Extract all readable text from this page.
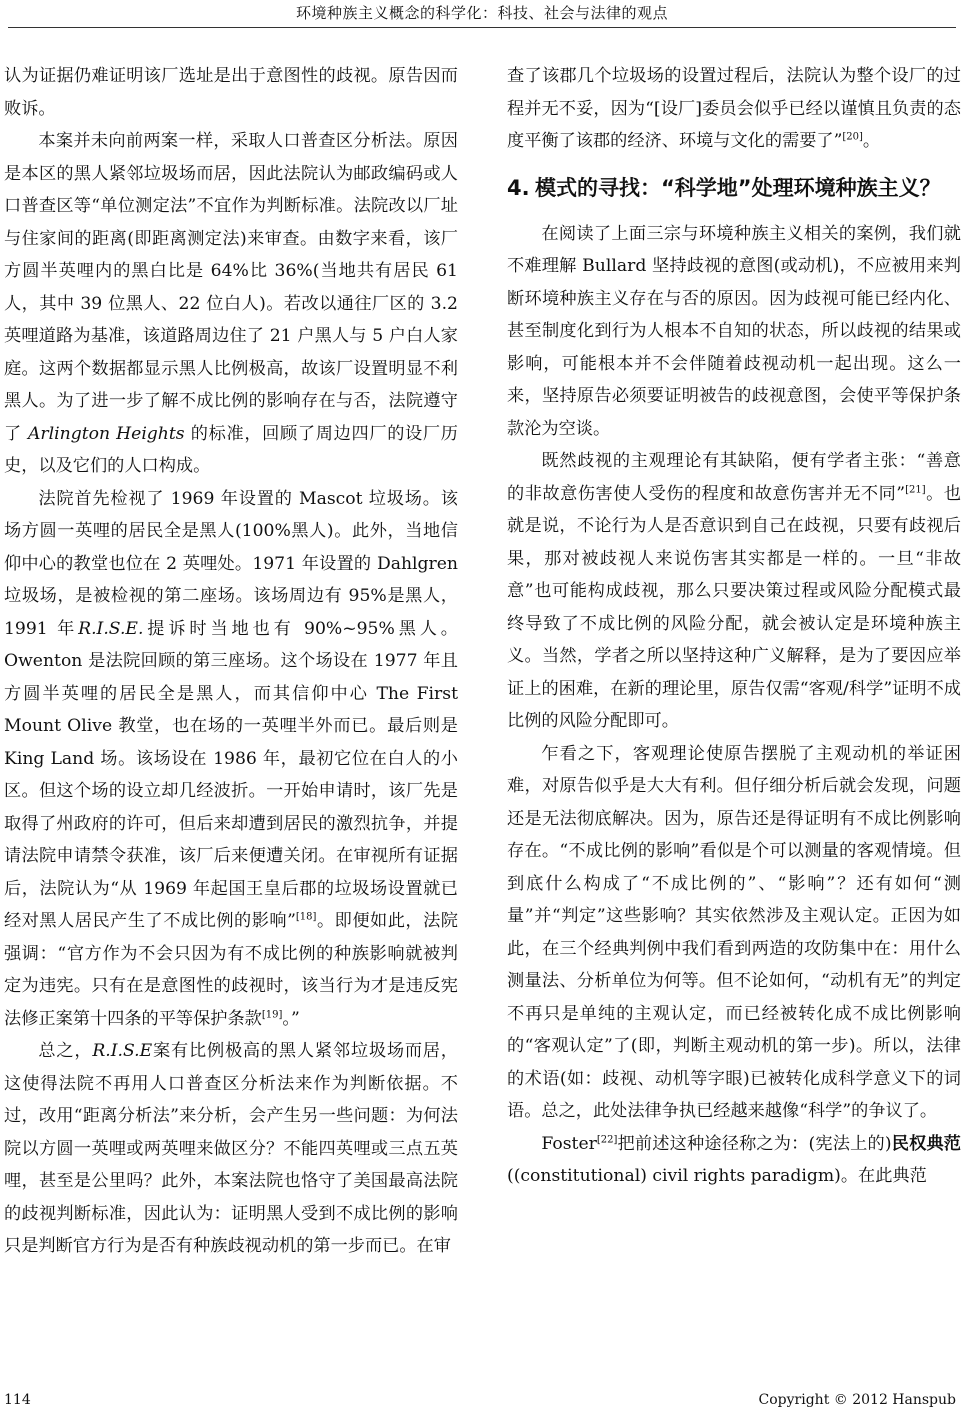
环境种族主义概念的科学化：科技、社会与法律的观点

认为证据仍难证明该厂选址是出于意图性的歧视。原告因而败诉。

本案并未向前两案一样，采取人口普查区分析法。原因是本区的黑人紧邻垃圾场而居，因此法院认为邮政编码或人口普查区等“单位测定法”不宜作为判断标准。法院改以厂址与住家间的距离(即距离测定法)来审查。由数字来看，该厂方圆半英哩内的黑白比是 64%比 36%(当地共有居民 61 人，其中 39 位黑人、22 位白人)。若改以通往厂区的 3.2 英哩道路为基准，该道路周边住了 21 户黑人与 5 户白人家庭。这两个数据都显示黑人比例极高，故该厂设置明显不利黑人。为了进一步了解不成比例的影响存在与否，法院遵守了 Arlington Heights 的标准，回顾了周边四厂的设厂历史，以及它们的人口构成。

法院首先检视了 1969 年设置的 Mascot 垃圾场。该场方圆一英哩的居民全是黑人(100%黑人)。此外，当地信仰中心的教堂也位在 2 英哩处。1971 年设置的 Dahlgren 垃圾场，是被检视的第二座场。该场周边有 95%是黑人，1991 年R.I.S.E.提诉时当地也有 90%~95%黑人。Owenton 是法院回顾的第三座场。这个场设在 1977 年且方圆半英哩的居民全是黑人，而其信仰中心 The First Mount Olive 教堂，也在场的一英哩半外而已。最后则是 King Land 场。该场设在 1986 年，最初它位在白人的小区。但这个场的设立却几经波折。一开始申请时，该厂先是取得了州政府的许可，但后来却遭到居民的激烈抗争，并提请法院申请禁令获准，该厂后来便遭关闭。在审视所有证据后，法院认为“从 1969 年起国王皇后郡的垃圾场设置就已经对黑人居民产生了不成比例的影响”[18]。即便如此，法院强调：“官方作为不会只因为有不成比例的种族影响就被判定为违宪。只有在是意图性的歧视时，该当行为才是违反宪法修正案第十四条的平等保护条款[19]。”

总之，R.I.S.E案有比例极高的黑人紧邻垃圾场而居，这使得法院不再用人口普查区分析法来作为判断依据。不过，改用“距离分析法”来分析，会产生另一些问题：为何法院以方圆一英哩或两英哩来做区分？不能四英哩或三点五英哩，甚至是公里吗？此外，本案法院也恪守了美国最高法院的歧视判断标准，因此认为：证明黑人受到不成比例的影响只是判断官方行为是否有种族歧视动机的第一步而已。在审

查了该郡几个垃圾场的设置过程后，法院认为整个设厂的过程并无不妥，因为“[设厂]委员会似乎已经以谨慎且负责的态度平衡了该郡的经济、环境与文化的需要了”[20]。

4. 模式的寻找：“科学地”处理环境种族主义？

在阅读了上面三宗与环境种族主义相关的案例，我们就不难理解 Bullard 坚持歧视的意图(或动机)，不应被用来判断环境种族主义存在与否的原因。因为歧视可能已经内化、甚至制度化到行为人根本不自知的状态，所以歧视的结果或影响，可能根本并不会伴随着歧视动机一起出现。这么一来，坚持原告必须要证明被告的歧视意图，会使平等保护条款沦为空谈。

既然歧视的主观理论有其缺陷，便有学者主张：“善意的非故意伤害使人受伤的程度和故意伤害并无不同”[21]。也就是说，不论行为人是否意识到自己在歧视，只要有歧视后果，那对被歧视人来说伤害其实都是一样的。一旦“非故意”也可能构成歧视，那么只要决策过程或风险分配模式最终导致了不成比例的风险分配，就会被认定是环境种族主义。当然，学者之所以坚持这种广义解释，是为了要因应举证上的困难，在新的理论里，原告仅需“客观/科学”证明不成比例的风险分配即可。

乍看之下，客观理论使原告摆脱了主观动机的举证困难，对原告似乎是大大有利。但仔细分析后就会发现，问题还是无法彻底解决。因为，原告还是得证明有不成比例影响存在。“不成比例的影响”看似是个可以测量的客观情境。但到底什么构成了“不成比例的”、“影响”？还有如何“测量”并“判定”这些影响？其实依然涉及主观认定。正因为如此，在三个经典判例中我们看到两造的攻防集中在：用什么测量法、分析单位为何等。但不论如何，“动机有无”的判定不再只是单纯的主观认定，而已经被转化成不成比例影响的“客观认定”了(即，判断主观动机的第一步)。所以，法律的术语(如：歧视、动机等字眼)已被转化成科学意义下的词语。总之，此处法律争执已经越来越像“科学”的争议了。

Foster[22]把前述这种途径称之为：(宪法上的)民权典范((constitutional) civil rights paradigm)。在此典范

114	Copyright © 2012 Hanspub
